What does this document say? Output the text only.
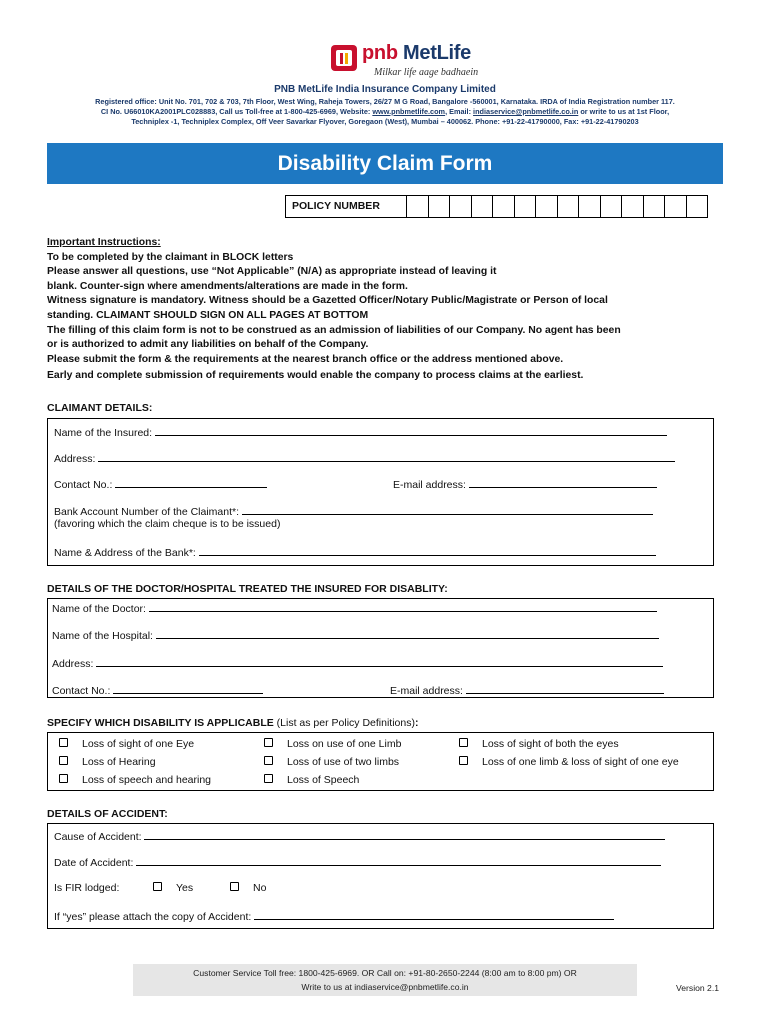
pnb MetLife
Milkar life aage badhaein
PNB MetLife India Insurance Company Limited
Registered office: Unit No. 701, 702 & 703, 7th Floor, West Wing, Raheja Towers, 26/27 M G Road, Bangalore -560001, Karnataka. IRDA of India Registration number 117.
CI No. U66010KA2001PLC028883, Call us Toll-free at 1-800-425-6969, Website: www.pnbmetlife.com, Email: indiaservice@pnbmetlife.co.in or write to us at 1st Floor,
Techniplex -1, Techniplex Complex, Off Veer Savarkar Flyover, Goregaon (West), Mumbai – 400062. Phone: +91-22-41790000, Fax: +91-22-41790203
Disability Claim Form
POLICY NUMBER
Important Instructions:
To be completed by the claimant in BLOCK letters
Please answer all questions, use “Not Applicable” (N/A) as appropriate instead of leaving it
blank. Counter-sign where amendments/alterations are made in the form.
Witness signature is mandatory. Witness should be a Gazetted Officer/Notary Public/Magistrate or Person of local
standing. CLAIMANT SHOULD SIGN ON ALL PAGES AT BOTTOM
The filling of this claim form is not to be construed as an admission of liabilities of our Company. No agent has been
or is authorized to admit any liabilities on behalf of the Company.
Please submit the form & the requirements at the nearest branch office or the address mentioned above.
Early and complete submission of requirements would enable the company to process claims at the earliest.
CLAIMANT DETAILS:
Name of the Insured:
Address:
Contact No.:	E-mail address:
Bank Account Number of the Claimant*:
(favoring which the claim cheque is to be issued)
Name & Address of the Bank*:
DETAILS OF THE DOCTOR/HOSPITAL TREATED THE INSURED FOR DISABLITY:
Name of the Doctor:
Name of the Hospital:
Address:
Contact No.:	E-mail address:
SPECIFY WHICH DISABILITY IS APPLICABLE (List as per Policy Definitions):
Loss of sight of one Eye	Loss on use of one Limb	Loss of sight of both the eyes
Loss of Hearing	Loss of use of two limbs	Loss of one limb & loss of sight of one eye
Loss of speech and hearing	Loss of Speech
DETAILS OF ACCIDENT:
Cause of Accident:
Date of Accident:
Is FIR lodged:	Yes	No
If “yes” please attach the copy of Accident:
Customer Service Toll free: 1800-425-6969. OR Call on: +91-80-2650-2244 (8:00 am to 8:00 pm) OR
Write to us at indiaservice@pnbmetlife.co.in	Version 2.1
